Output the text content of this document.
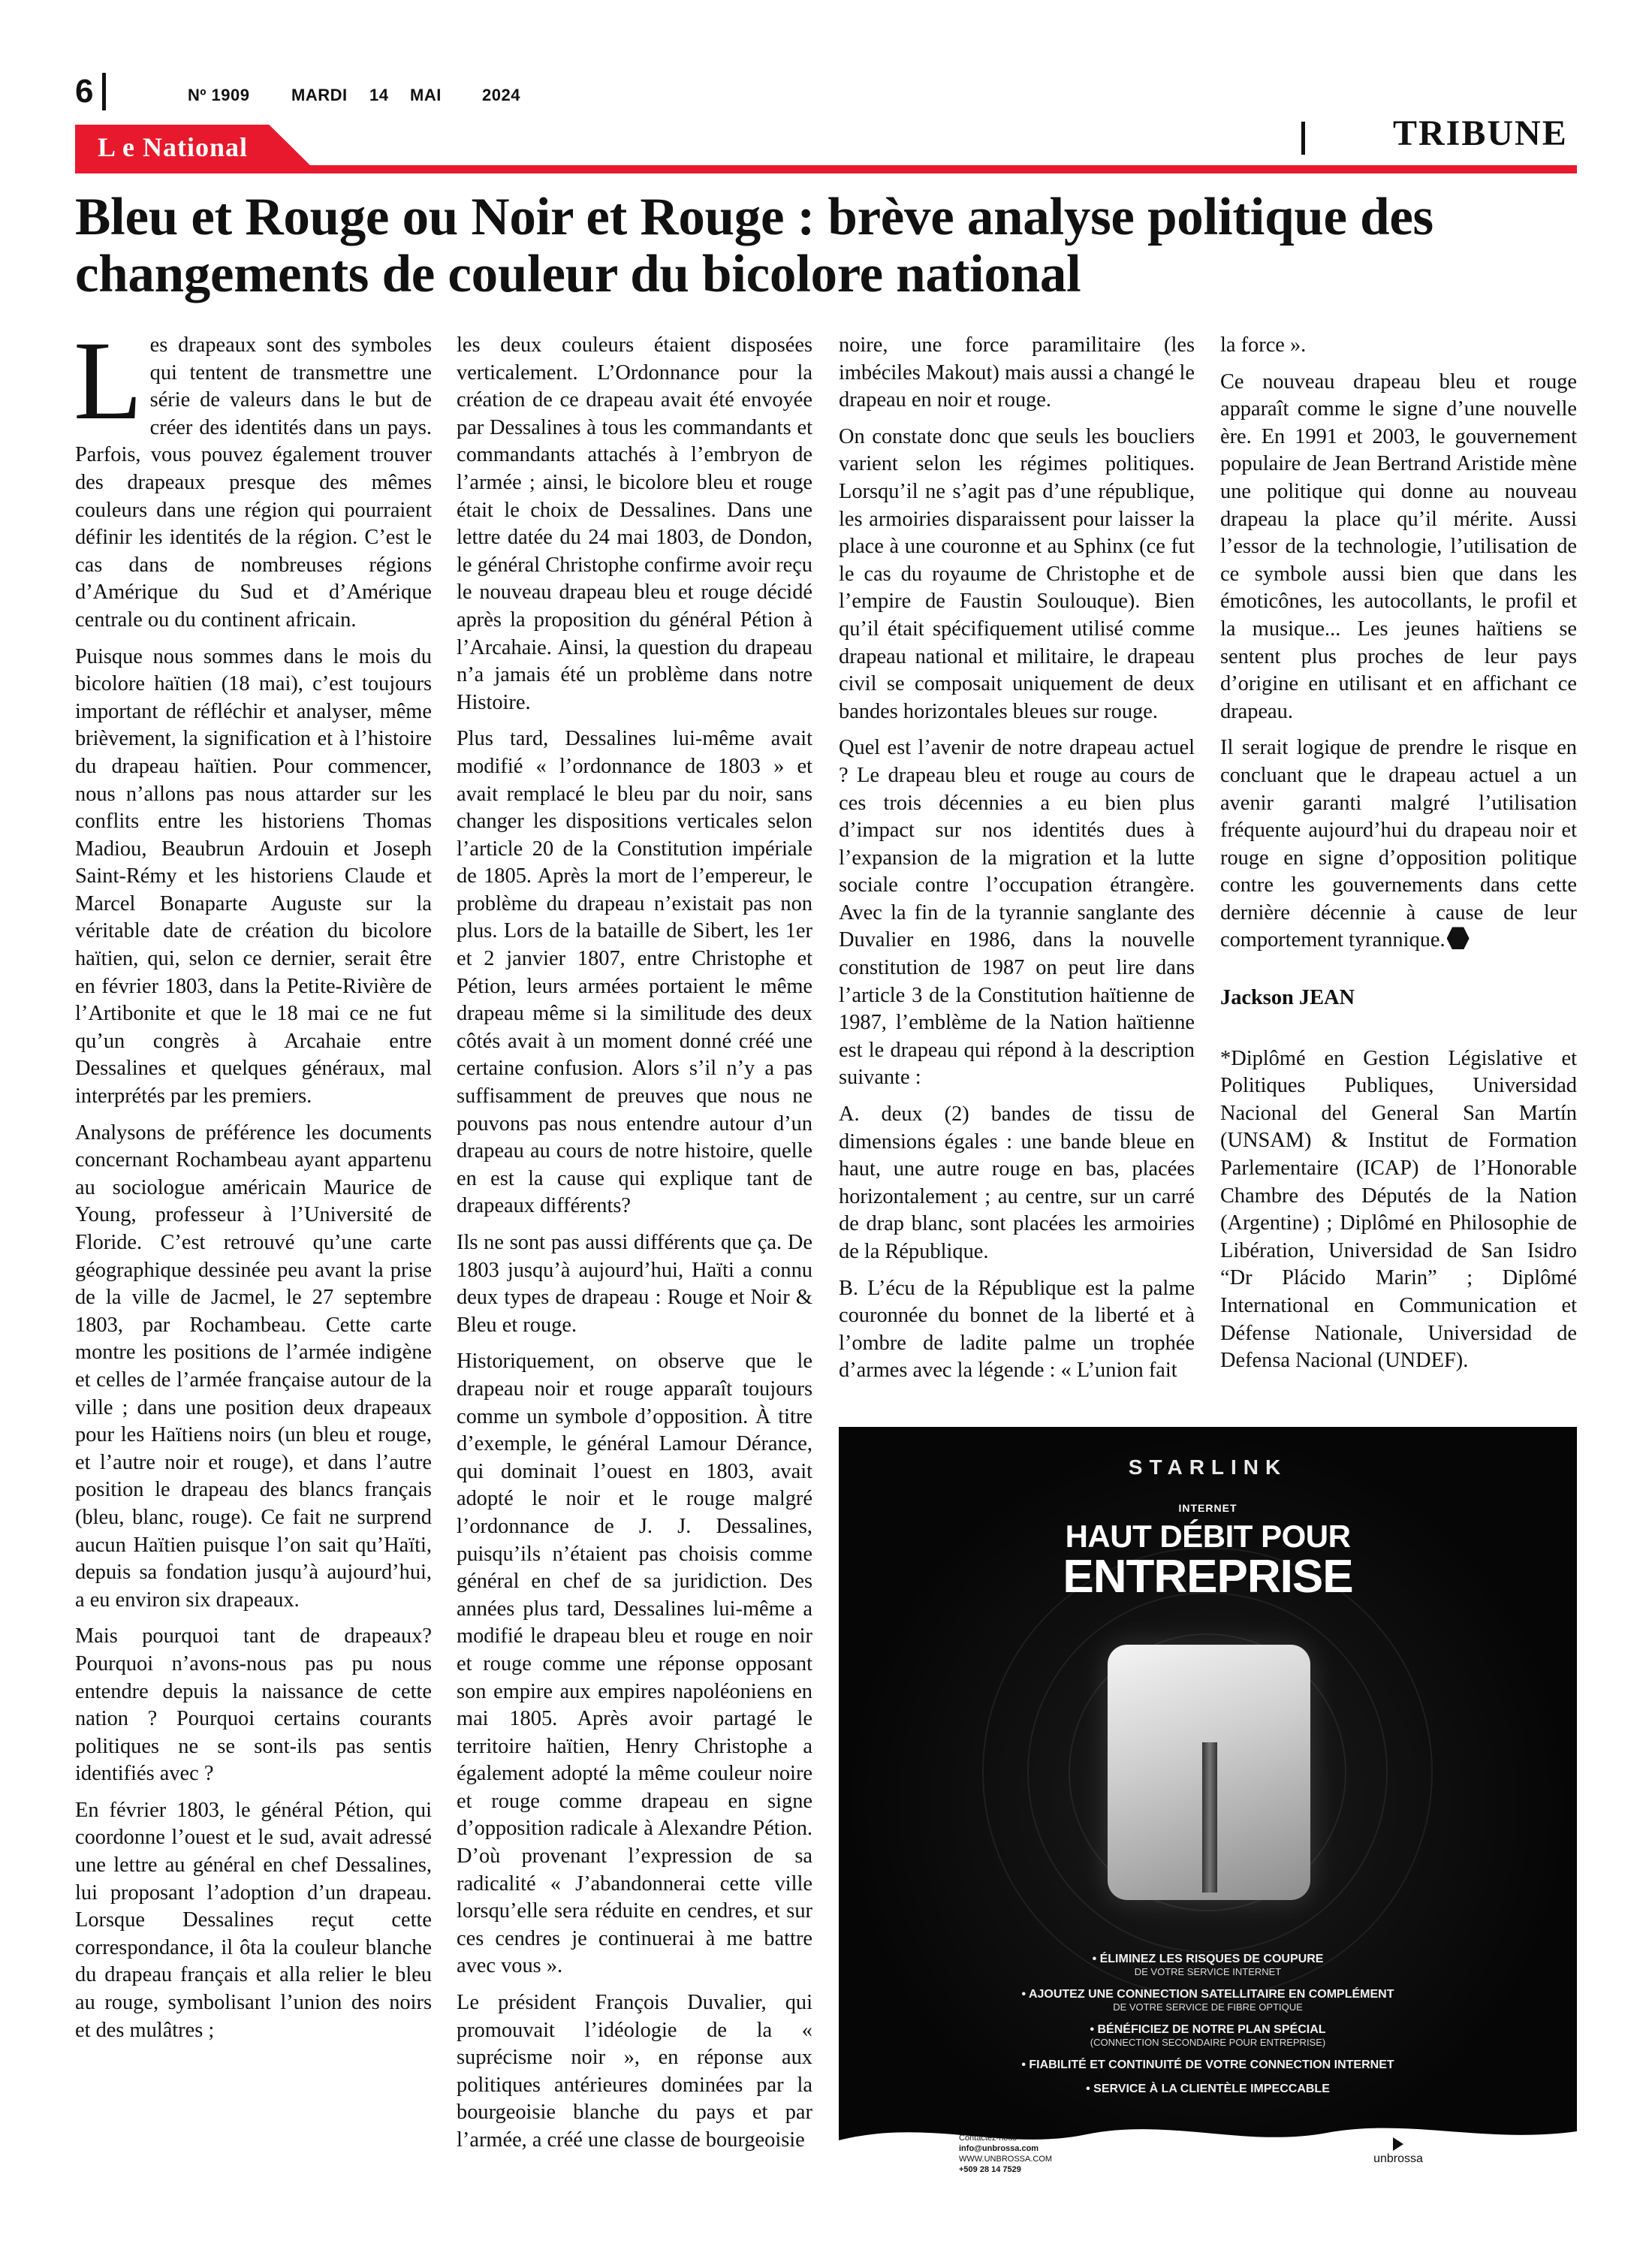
6	Nº 1909	MARDI 14 MAI 2024
L e National	TRIBUNE
Bleu et Rouge ou Noir et Rouge : brève analyse politique des changements de couleur du bicolore national

Les drapeaux sont des symboles qui tentent de transmettre une série de valeurs dans le but de créer des identités dans un pays. Parfois, vous pouvez également trouver des drapeaux presque des mêmes couleurs dans une région qui pourraient définir les identités de la région. C’est le cas dans de nombreuses régions d’Amérique du Sud et d’Amérique centrale ou du continent africain.

Puisque nous sommes dans le mois du bicolore haïtien (18 mai), c’est toujours important de réfléchir et analyser, même brièvement, la signification et à l’histoire du drapeau haïtien. Pour commencer, nous n’allons pas nous attarder sur les conflits entre les historiens Thomas Madiou, Beaubrun Ardouin et Joseph Saint-Rémy et les historiens Claude et Marcel Bonaparte Auguste sur la véritable date de création du bicolore haïtien, qui, selon ce dernier, serait être en février 1803, dans la Petite-Rivière de l’Artibonite et que le 18 mai ce ne fut qu’un congrès à Arcahaie entre Dessalines et quelques généraux, mal interprétés par les premiers.

Analysons de préférence les documents concernant Rochambeau ayant appartenu au sociologue américain Maurice de Young, professeur à l’Université de Floride. C’est retrouvé qu’une carte géographique dessinée peu avant la prise de la ville de Jacmel, le 27 septembre 1803, par Rochambeau. Cette carte montre les positions de l’armée indigène et celles de l’armée française autour de la ville ; dans une position deux drapeaux pour les Haïtiens noirs (un bleu et rouge, et l’autre noir et rouge), et dans l’autre position le drapeau des blancs français (bleu, blanc, rouge). Ce fait ne surprend aucun Haïtien puisque l’on sait qu’Haïti, depuis sa fondation jusqu’à aujourd’hui, a eu environ six drapeaux.

Mais pourquoi tant de drapeaux? Pourquoi n’avons-nous pas pu nous entendre depuis la naissance de cette nation ? Pourquoi certains courants politiques ne se sont-ils pas sentis identifiés avec ?

En février 1803, le général Pétion, qui coordonne l’ouest et le sud, avait adressé une lettre au général en chef Dessalines, lui proposant l’adoption d’un drapeau. Lorsque Dessalines reçut cette correspondance, il ôta la couleur blanche du drapeau français et alla relier le bleu au rouge, symbolisant l’union des noirs et des mulâtres ;

les deux couleurs étaient disposées verticalement. L’Ordonnance pour la création de ce drapeau avait été envoyée par Dessalines à tous les commandants et commandants attachés à l’embryon de l’armée ; ainsi, le bicolore bleu et rouge était le choix de Dessalines. Dans une lettre datée du 24 mai 1803, de Dondon, le général Christophe confirme avoir reçu le nouveau drapeau bleu et rouge décidé après la proposition du général Pétion à l’Arcahaie. Ainsi, la question du drapeau n’a jamais été un problème dans notre Histoire.

Plus tard, Dessalines lui-même avait modifié « l’ordonnance de 1803 » et avait remplacé le bleu par du noir, sans changer les dispositions verticales selon l’article 20 de la Constitution impériale de 1805. Après la mort de l’empereur, le problème du drapeau n’existait pas non plus. Lors de la bataille de Sibert, les 1er et 2 janvier 1807, entre Christophe et Pétion, leurs armées portaient le même drapeau même si la similitude des deux côtés avait à un moment donné créé une certaine confusion. Alors s’il n’y a pas suffisamment de preuves que nous ne pouvons pas nous entendre autour d’un drapeau au cours de notre histoire, quelle en est la cause qui explique tant de drapeaux différents?

Ils ne sont pas aussi différents que ça. De 1803 jusqu’à aujourd’hui, Haïti a connu deux types de drapeau : Rouge et Noir & Bleu et rouge.

Historiquement, on observe que le drapeau noir et rouge apparaît toujours comme un symbole d’opposition. À titre d’exemple, le général Lamour Dérance, qui dominait l’ouest en 1803, avait adopté le noir et le rouge malgré l’ordonnance de J. J. Dessalines, puisqu’ils n’étaient pas choisis comme général en chef de sa juridiction. Des années plus tard, Dessalines lui-même a modifié le drapeau bleu et rouge en noir et rouge comme une réponse opposant son empire aux empires napoléoniens en mai 1805. Après avoir partagé le territoire haïtien, Henry Christophe a également adopté la même couleur noire et rouge comme drapeau en signe d’opposition radicale à Alexandre Pétion. D’où provenant l’expression de sa radicalité « J’abandonnerai cette ville lorsqu’elle sera réduite en cendres, et sur ces cendres je continuerai à me battre avec vous ».

Le président François Duvalier, qui promouvait l’idéologie de la « suprécisme noir », en réponse aux politiques antérieures dominées par la bourgeoisie blanche du pays et par l’armée, a créé une classe de bourgeoisie

noire, une force paramilitaire (les imbéciles Makout) mais aussi a changé le drapeau en noir et rouge.

On constate donc que seuls les boucliers varient selon les régimes politiques. Lorsqu’il ne s’agit pas d’une république, les armoiries disparaissent pour laisser la place à une couronne et au Sphinx (ce fut le cas du royaume de Christophe et de l’empire de Faustin Soulouque). Bien qu’il était spécifiquement utilisé comme drapeau national et militaire, le drapeau civil se composait uniquement de deux bandes horizontales bleues sur rouge.

Quel est l’avenir de notre drapeau actuel ? Le drapeau bleu et rouge au cours de ces trois décennies a eu bien plus d’impact sur nos identités dues à l’expansion de la migration et la lutte sociale contre l’occupation étrangère. Avec la fin de la tyrannie sanglante des Duvalier en 1986, dans la nouvelle constitution de 1987 on peut lire dans l’article 3 de la Constitution haïtienne de 1987, l’emblème de la Nation haïtienne est le drapeau qui répond à la description suivante :

A. deux (2) bandes de tissu de dimensions égales : une bande bleue en haut, une autre rouge en bas, placées horizontalement ; au centre, sur un carré de drap blanc, sont placées les armoiries de la République.

B. L’écu de la République est la palme couronnée du bonnet de la liberté et à l’ombre de ladite palme un trophée d’armes avec la légende : « L’union fait

la force ».

Ce nouveau drapeau bleu et rouge apparaît comme le signe d’une nouvelle ère. En 1991 et 2003, le gouvernement populaire de Jean Bertrand Aristide mène une politique qui donne au nouveau drapeau la place qu’il mérite. Aussi l’essor de la technologie, l’utilisation de ce symbole aussi bien que dans les émoticônes, les autocollants, le profil et la musique... Les jeunes haïtiens se sentent plus proches de leur pays d’origine en utilisant et en affichant ce drapeau.

Il serait logique de prendre le risque en concluant que le drapeau actuel a un avenir garanti malgré l’utilisation fréquente aujourd’hui du drapeau noir et rouge en signe d’opposition politique contre les gouvernements dans cette dernière décennie à cause de leur comportement tyrannique.

Jackson JEAN

*Diplômé en Gestion Législative et Politiques Publiques, Universidad Nacional del General San Martín (UNSAM) & Institut de Formation Parlementaire (ICAP) de l’Honorable Chambre des Députés de la Nation (Argentine) ; Diplômé en Philosophie de Libération, Universidad de San Isidro “Dr Plácido Marin” ; Diplômé International en Communication et Défense Nationale, Universidad de Defensa Nacional (UNDEF).

STARLINK
INTERNET
HAUT DÉBIT POUR
ENTREPRISE
• ÉLIMINEZ LES RISQUES DE COUPURE
DE VOTRE SERVICE INTERNET
• AJOUTEZ UNE CONNECTION SATELLITAIRE EN COMPLÉMENT
DE VOTRE SERVICE DE FIBRE OPTIQUE
• BÉNÉFICIEZ DE NOTRE PLAN SPÉCIAL
(CONNECTION SECONDAIRE POUR ENTREPRISE)
• FIABILITÉ ET CONTINUITÉ DE VOTRE CONNECTION INTERNET
• SERVICE À LA CLIENTÈLE IMPECCABLE
Contactez-nous
info@unbrossa.com
WWW.UNBROSSA.COM
+509 28 14 7529
unbrossa
